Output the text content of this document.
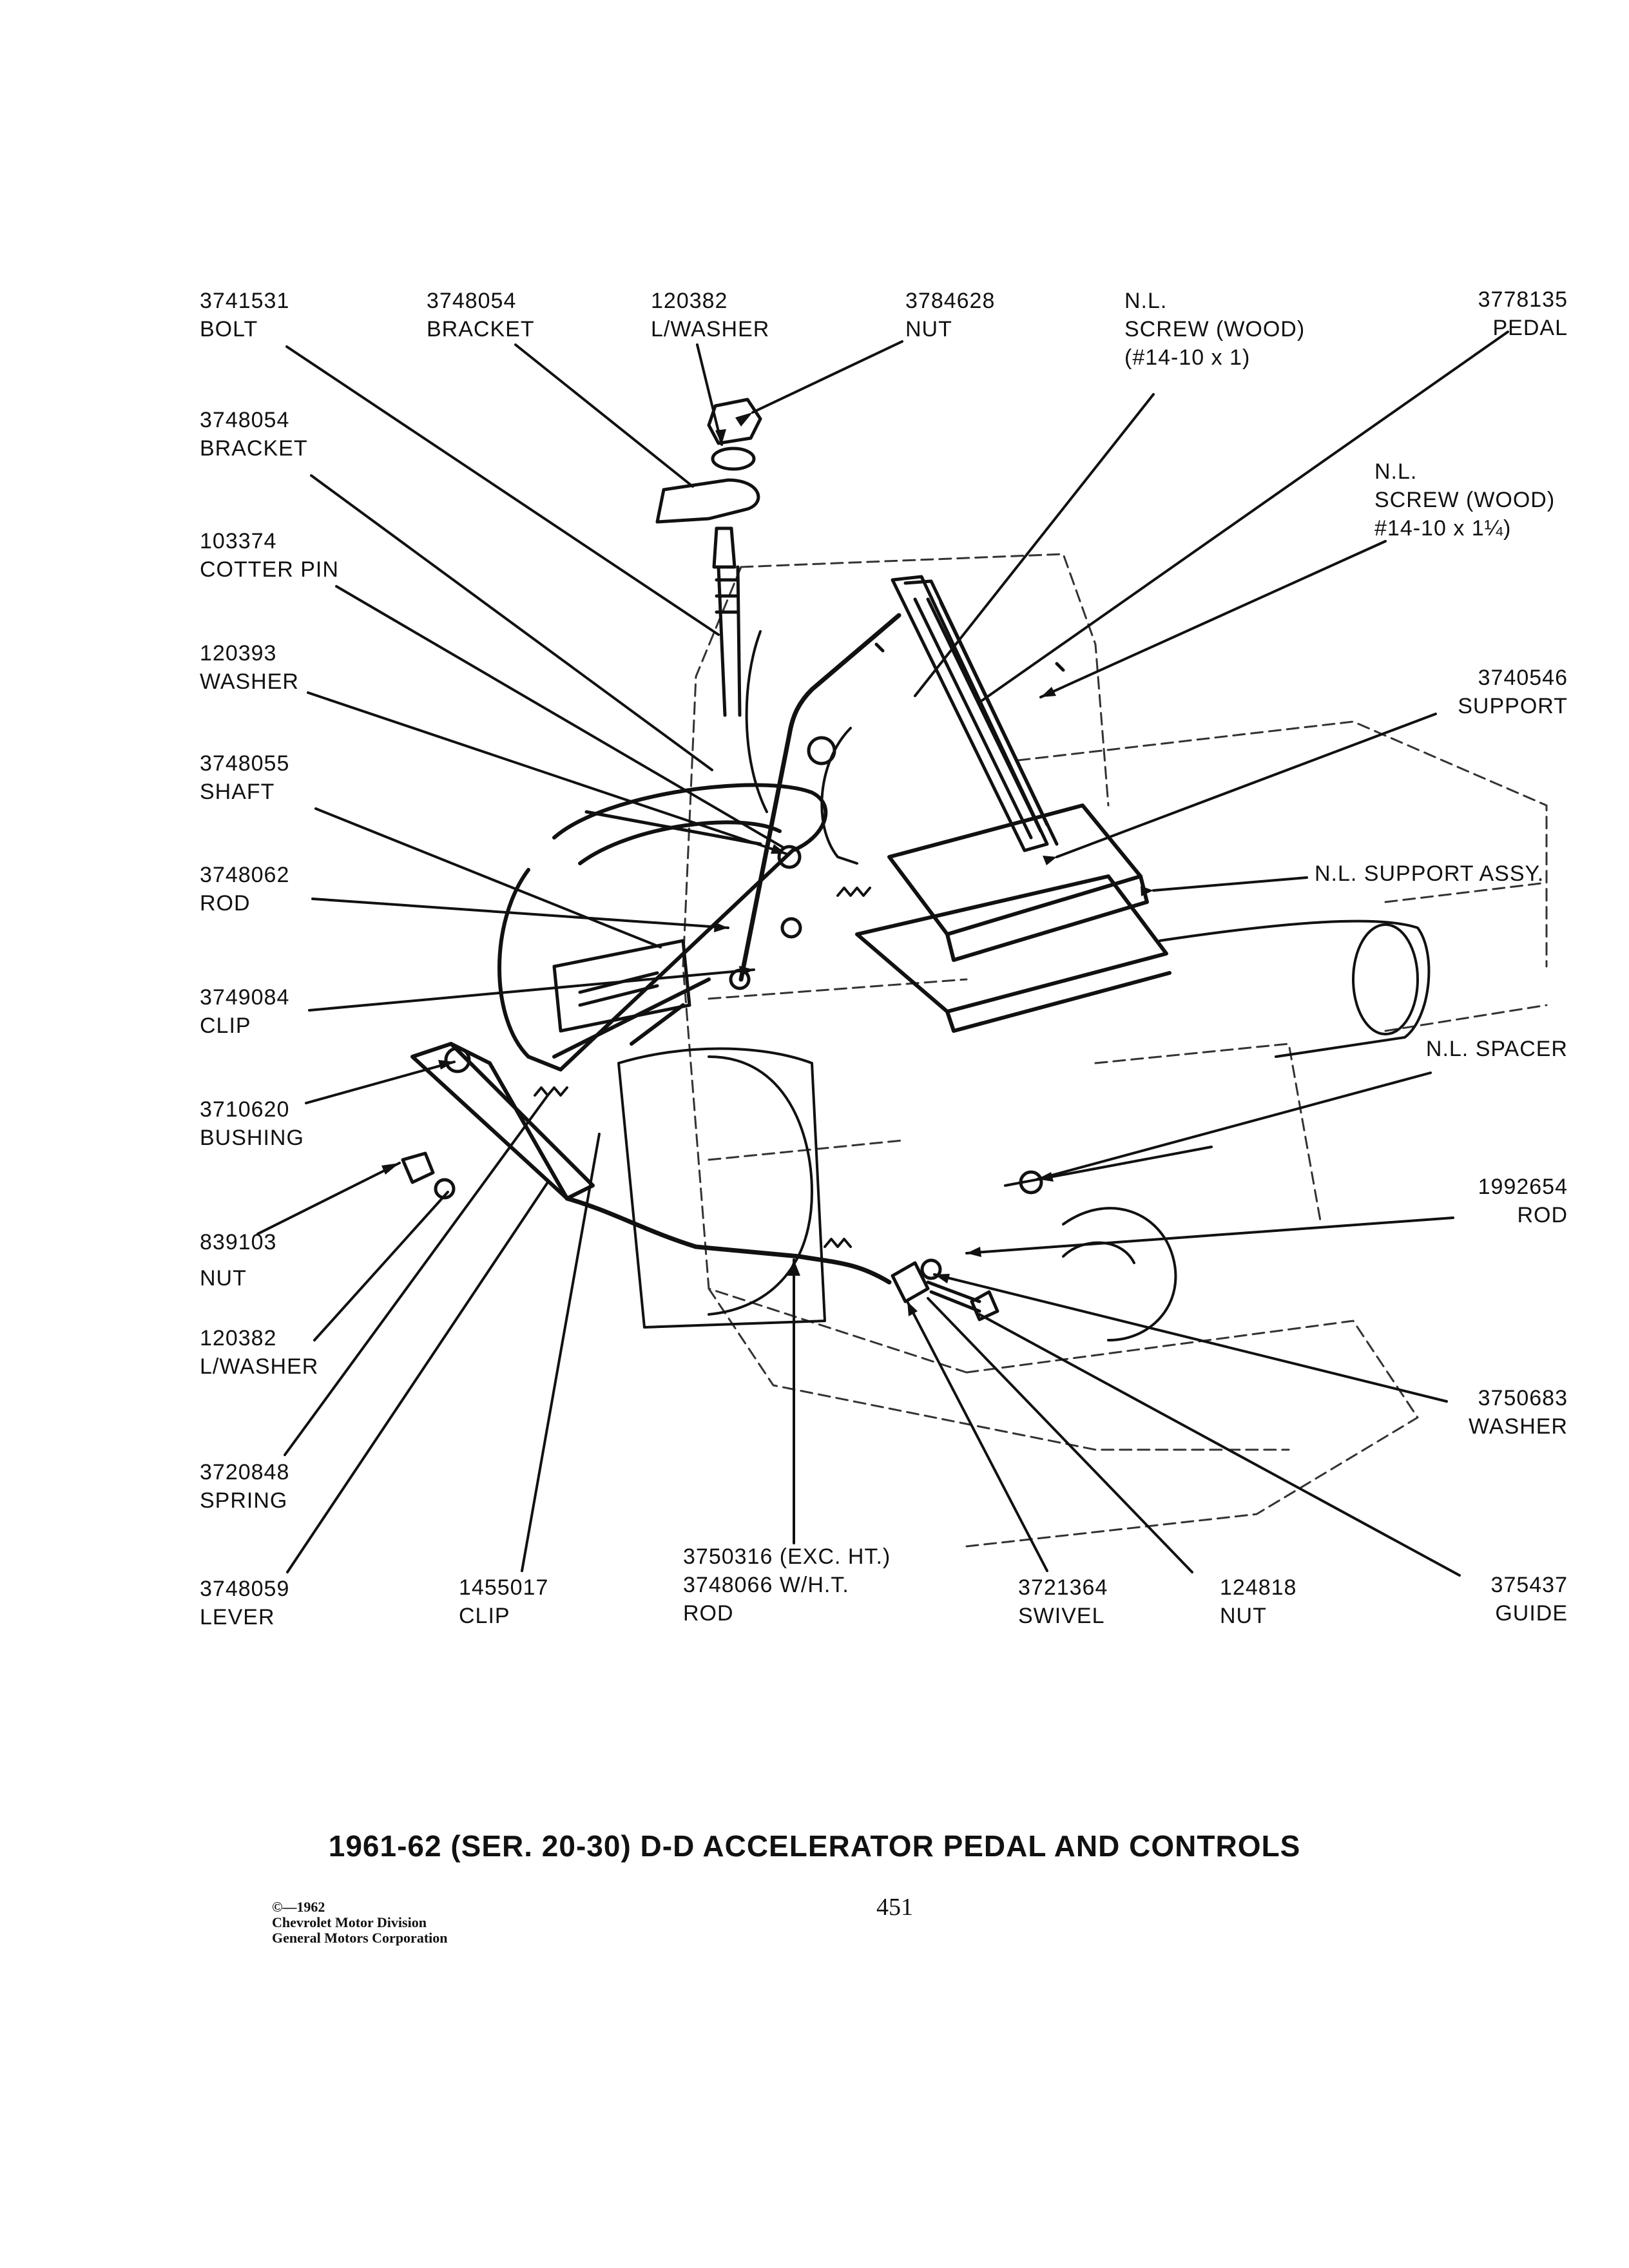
3741531
BOLT
3748054
BRACKET
120382
L/WASHER
3784628
NUT
N.L.
SCREW (WOOD)
(#14-10 x 1)
3778135
PEDAL
3748054
BRACKET
N.L.
SCREW (WOOD)
#14-10 x 1¼)
103374
COTTER PIN
120393
WASHER	3740546
SUPPORT
3748055
SHAFT
N.L. SUPPORT ASSY.
3748062
ROD
3749084
CLIP
N.L. SPACER
3710620
BUSHING
1992654
ROD
839103
NUT
120382
L/WASHER
3750683
WASHER
3720848
SPRING
3748059
LEVER
1455017
CLIP
3750316 (EXC. HT.)
3748066 W/H.T.
ROD
3721364
SWIVEL
124818
NUT
375437
GUIDE
1961-62 (SER. 20-30) D-D ACCELERATOR PEDAL AND CONTROLS
©—1962
Chevrolet Motor Division
General Motors Corporation
451
